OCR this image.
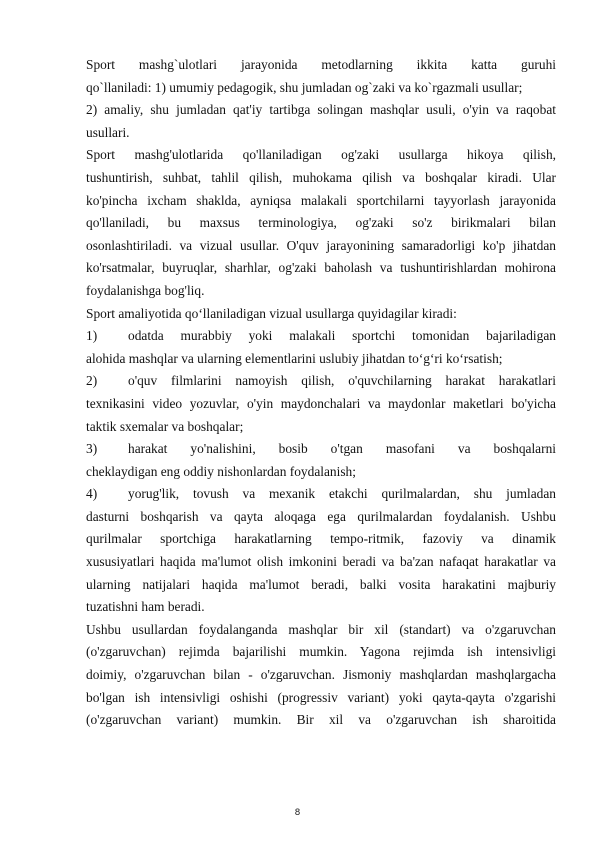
Sport mashg`ulotlari jarayonida metodlarning ikkita katta guruhi
qo`llaniladi: 1) umumiy pedagogik, shu jumladan og`zaki va ko`rgazmali usullar;
2) amaliy, shu jumladan qat'iy tartibga solingan mashqlar usuli, o'yin va raqobat
usullari.
Sport mashg'ulotlarida qo'llaniladigan og'zaki usullarga hikoya qilish,
tushuntirish, suhbat, tahlil qilish, muhokama qilish va boshqalar kiradi. Ular
ko'pincha ixcham shaklda, ayniqsa malakali sportchilarni tayyorlash jarayonida
qo'llaniladi, bu maxsus terminologiya, og'zaki so'z birikmalari bilan
osonlashtiriladi. va vizual usullar. O'quv jarayonining samaradorligi ko'p jihatdan
ko'rsatmalar, buyruqlar, sharhlar, og'zaki baholash va tushuntirishlardan mohirona
foydalanishga bog'liq.
Sport amaliyotida qo‘llaniladigan vizual usullarga quyidagilar kiradi:
1)	odatda murabbiy yoki malakali sportchi tomonidan bajariladigan
alohida mashqlar va ularning elementlarini uslubiy jihatdan to‘g‘ri ko‘rsatish;
2)	o'quv filmlarini namoyish qilish, o'quvchilarning harakat harakatlari
texnikasini video yozuvlar, o'yin maydonchalari va maydonlar maketlari bo'yicha
taktik sxemalar va boshqalar;
3)	harakat yo'nalishini, bosib o'tgan masofani va boshqalarni
cheklaydigan eng oddiy nishonlardan foydalanish;
4)	yorug'lik, tovush va mexanik etakchi qurilmalardan, shu jumladan
dasturni boshqarish va qayta aloqaga ega qurilmalardan foydalanish. Ushbu
qurilmalar sportchiga harakatlarning tempo-ritmik, fazoviy va dinamik
xususiyatlari haqida ma'lumot olish imkonini beradi va ba'zan nafaqat harakatlar va
ularning natijalari haqida ma'lumot beradi, balki vosita harakatini majburiy
tuzatishni ham beradi.
Ushbu usullardan foydalanganda mashqlar bir xil (standart) va o'zgaruvchan
(o'zgaruvchan) rejimda bajarilishi mumkin. Yagona rejimda ish intensivligi
doimiy, o'zgaruvchan bilan - o'zgaruvchan. Jismoniy mashqlardan mashqlargacha
bo'lgan ish intensivligi oshishi (progressiv variant) yoki qayta-qayta o'zgarishi
(o'zgaruvchan variant) mumkin. Bir xil va o'zgaruvchan ish sharoitida
8
